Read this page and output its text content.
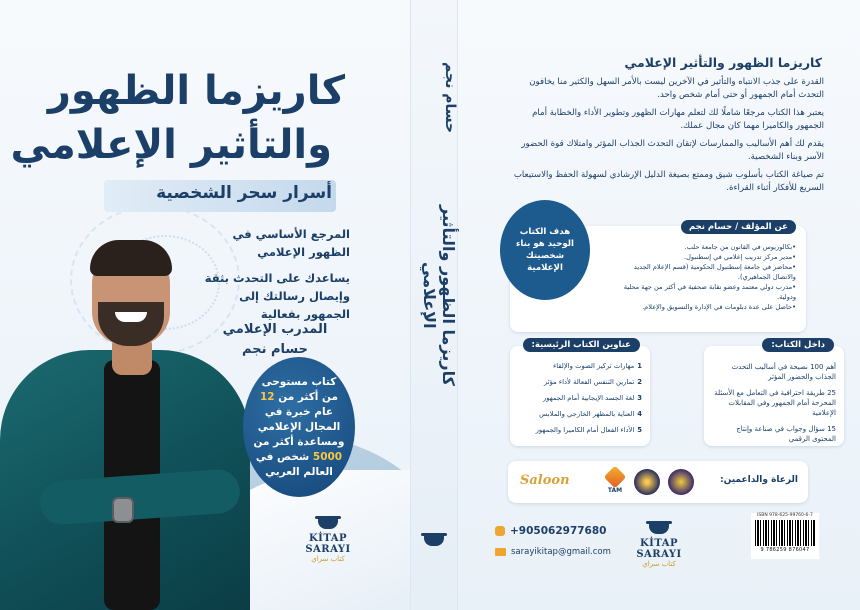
كاريزما الظهور
والتأثير الإعلامي
أسرار سحر الشخصية
المرجع الأساسي في الظهور الإعلامي
يساعدك على التحدث بثقة وإيصال رسالتك إلى الجمهور بفعالية
المدرب الإعلامي
حسام نجم
كتاب مستوحى من أكثر من 12 عام خبرة في المجال الإعلامي ومساعدة أكثر من 5000 شخص في العالم العربي
KİTAP SARAYI
كتاب سراي
حسام نجم
كاريزما الظهور والتأثير الإعلامي
كاريزما الظهور والتأثير الإعلامي

القدرة على جذب الانتباه والتأثير في الآخرين ليست بالأمر السهل والكثير منا يخافون التحدث أمام الجمهور أو حتى أمام شخص واحد.

يعتبر هذا الكتاب مرجعًا شاملًا لك لتعلم مهارات الظهور وتطوير الأداء والخطابة أمام الجمهور والكاميرا مهما كان مجال عملك.

يقدم لك أهم الأساليب والممارسات لإتقان التحدث الجذاب المؤثر وامتلاك قوة الحضور الآسر وبناء الشخصية.

تم صياغة الكتاب بأسلوب شيق وممتع بصيغة الدليل الإرشادي لسهولة الحفظ والاستيعاب السريع للأفكار أثناء القراءة.

عن المؤلف / حسام نجم
• بكالوريوس في القانون من جامعة حلب.
• مدير مركز تدريب إعلامي في إسطنبول.
• محاضر في جامعة إسطنبول الحكومية (قسم الإعلام الجديد والاتصال الجماهيري).
• مدرب دولي معتمد وعضو نقابة صحفية في أكثر من جهة محلية ودولية.
• حاصل على عدة دبلومات في الإدارة والتسويق والإعلام.
هدف الكتاب الوحيد هو بناء شخصيتك الإعلامية
داخل الكتاب:
أهم 100 نصيحة في أساليب التحدث الجذاب والحضور المؤثر
25 طريقة احترافية في التعامل مع الأسئلة المحرجة أمام الجمهور وفي المقابلات الإعلامية
15 سؤال وجواب في صناعة وإنتاج المحتوى الرقمي
عناوين الكتاب الرئيسية:
1مهارات تركيز الصوت والإلقاء
2تمارين التنفس الفعالة لأداء مؤثر
3لغة الجسد الإيجابية أمام الجمهور
4العناية بالمظهر الخارجي والملابس
5الأداء الفعال أمام الكاميرا والجمهور
الرعاة والداعمين:
TAM
Saloon
+905062977680
sarayikitap@gmail.com
KİTAP SARAYI
كتاب سراي
ISBN 978-625-99760-6-7
9 786259 876047
